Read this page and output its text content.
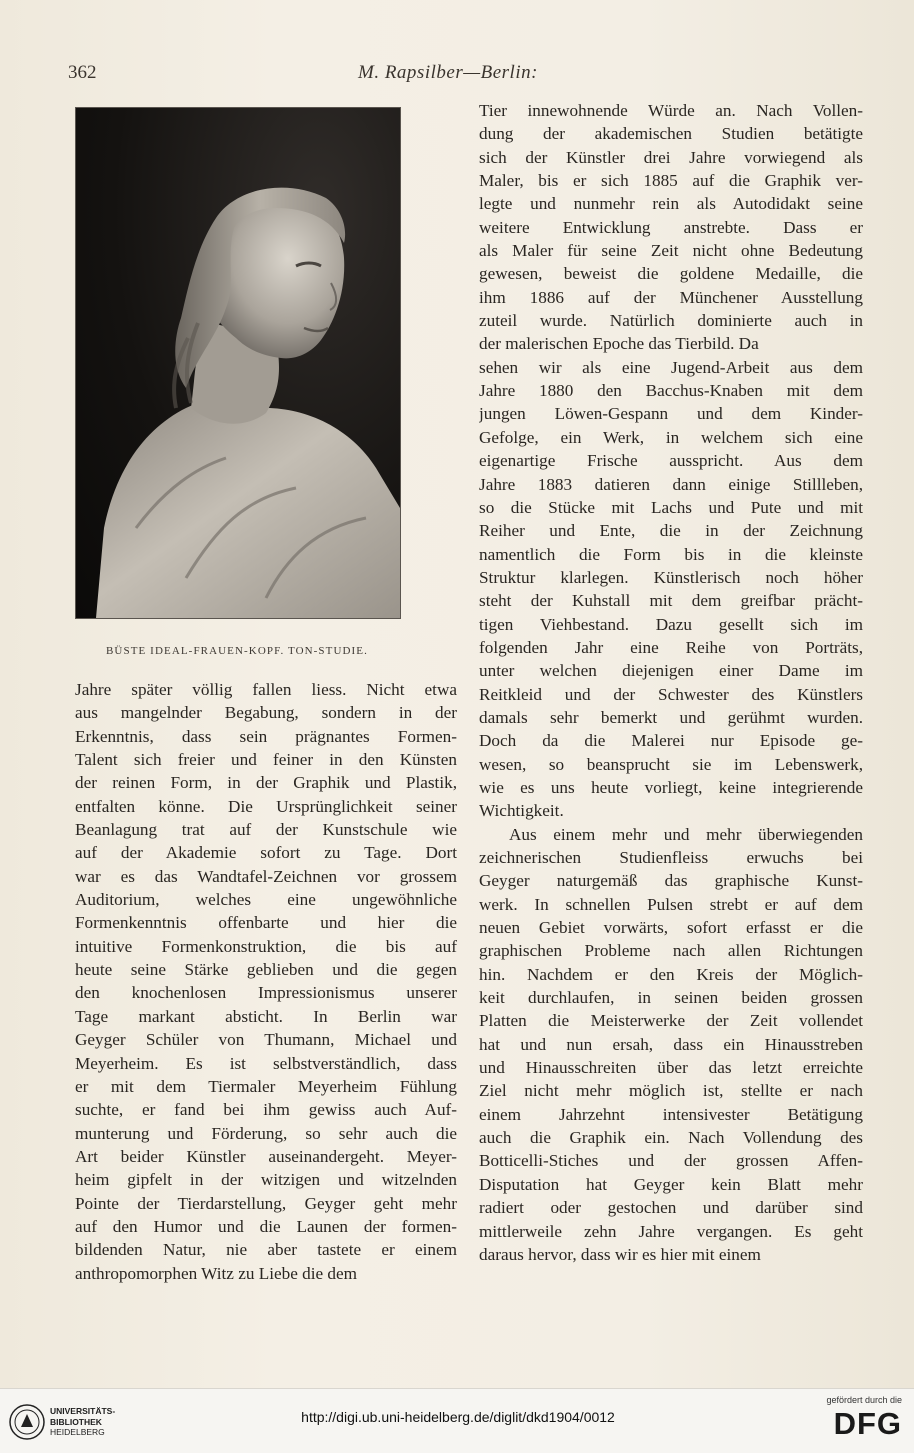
362	M. Rapsilber—Berlin:
BÜSTE IDEAL-FRAUEN-KOPF. TON-STUDIE.
Jahre später völlig fallen liess. Nicht etwa
aus mangelnder Begabung, sondern in der
Erkenntnis, dass sein prägnantes Formen-
Talent sich freier und feiner in den Künsten
der reinen Form, in der Graphik und Plastik,
entfalten könne. Die Ursprünglichkeit seiner
Beanlagung trat auf der Kunstschule wie
auf der Akademie sofort zu Tage. Dort
war es das Wandtafel-Zeichnen vor grossem
Auditorium, welches eine ungewöhnliche
Formenkenntnis offenbarte und hier die
intuitive Formenkonstruktion, die bis auf
heute seine Stärke geblieben und die gegen
den knochenlosen Impressionismus unserer
Tage markant absticht. In Berlin war
Geyger Schüler von Thumann, Michael und
Meyerheim. Es ist selbstverständlich, dass
er mit dem Tiermaler Meyerheim Fühlung
suchte, er fand bei ihm gewiss auch Auf-
munterung und Förderung, so sehr auch die
Art beider Künstler auseinandergeht. Meyer-
heim gipfelt in der witzigen und witzelnden
Pointe der Tierdarstellung, Geyger geht mehr
auf den Humor und die Launen der formen-
bildenden Natur, nie aber tastete er einem
anthropomorphen Witz zu Liebe die dem
Tier innewohnende Würde an. Nach Vollen-
dung der akademischen Studien betätigte
sich der Künstler drei Jahre vorwiegend als
Maler, bis er sich 1885 auf die Graphik ver-
legte und nunmehr rein als Autodidakt seine
weitere Entwicklung anstrebte. Dass er
als Maler für seine Zeit nicht ohne Bedeutung
gewesen, beweist die goldene Medaille, die
ihm 1886 auf der Münchener Ausstellung
zuteil wurde. Natürlich dominierte auch in
der malerischen Epoche das Tierbild. Da
sehen wir als eine Jugend-Arbeit aus dem
Jahre 1880 den Bacchus-Knaben mit dem
jungen Löwen-Gespann und dem Kinder-
Gefolge, ein Werk, in welchem sich eine
eigenartige Frische ausspricht. Aus dem
Jahre 1883 datieren dann einige Stillleben,
so die Stücke mit Lachs und Pute und mit
Reiher und Ente, die in der Zeichnung
namentlich die Form bis in die kleinste
Struktur klarlegen. Künstlerisch noch höher
steht der Kuhstall mit dem greifbar prächt-
tigen Viehbestand. Dazu gesellt sich im
folgenden Jahr eine Reihe von Porträts,
unter welchen diejenigen einer Dame im
Reitkleid und der Schwester des Künstlers
damals sehr bemerkt und gerühmt wurden.
Doch da die Malerei nur Episode ge-
wesen, so beansprucht sie im Lebenswerk,
wie es uns heute vorliegt, keine integrierende
Wichtigkeit.
Aus einem mehr und mehr überwiegenden
zeichnerischen Studienfleiss erwuchs bei
Geyger naturgemäß das graphische Kunst-
werk. In schnellen Pulsen strebt er auf dem
neuen Gebiet vorwärts, sofort erfasst er die
graphischen Probleme nach allen Richtungen
hin. Nachdem er den Kreis der Möglich-
keit durchlaufen, in seinen beiden grossen
Platten die Meisterwerke der Zeit vollendet
hat und nun ersah, dass ein Hinausstreben
und Hinausschreiten über das letzt erreichte
Ziel nicht mehr möglich ist, stellte er nach
einem Jahrzehnt intensivester Betätigung
auch die Graphik ein. Nach Vollendung des
Botticelli-Stiches und der grossen Affen-
Disputation hat Geyger kein Blatt mehr
radiert oder gestochen und darüber sind
mittlerweile zehn Jahre vergangen. Es geht
daraus hervor, dass wir es hier mit einem
UNIVERSITÄTS-
BIBLIOTHEK
HEIDELBERG
http://digi.ub.uni-heidelberg.de/diglit/dkd1904/0012
gefördert durch die
DFG
